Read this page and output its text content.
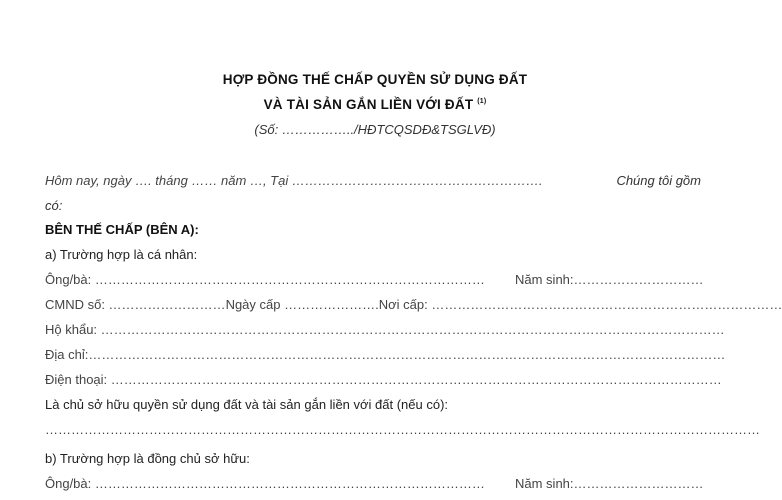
HỢP ĐỒNG THẾ CHẤP QUYỀN SỬ DỤNG ĐẤT
VÀ TÀI SẢN GẮN LIỀN VỚI ĐẤT $^{(1)}$
(Số: ……………../HĐTCQSDĐ&TSGLVĐ)
Hôm nay, ngày …. tháng …… năm …, Tại ………………………………………………….	Chúng tôi gồm
có:
BÊN THẾ CHẤP (BÊN A):
a) Trường hợp là cá nhân:
Ông/bà: ………………………………………………………………………………	Năm sinh:…………………………
CMND số: ……………………… Ngày cấp …………………. Nơi cấp: ………………………………………………………………………
Hộ khẩu: ………………………………………………………………………………………………………………………………
Địa chỉ:…………………………………………………………………………………………………………………………………
Điện thoại: ……………………………………………………………………………………………………………………………
Là chủ sở hữu quyền sử dụng đất và tài sản gắn liền với đất (nếu có):
…………………………………………………………………………………………………………………………………………………
b) Trường hợp là đồng chủ sở hữu:
Ông/bà: ………………………………………………………………………………	Năm sinh:…………………………
